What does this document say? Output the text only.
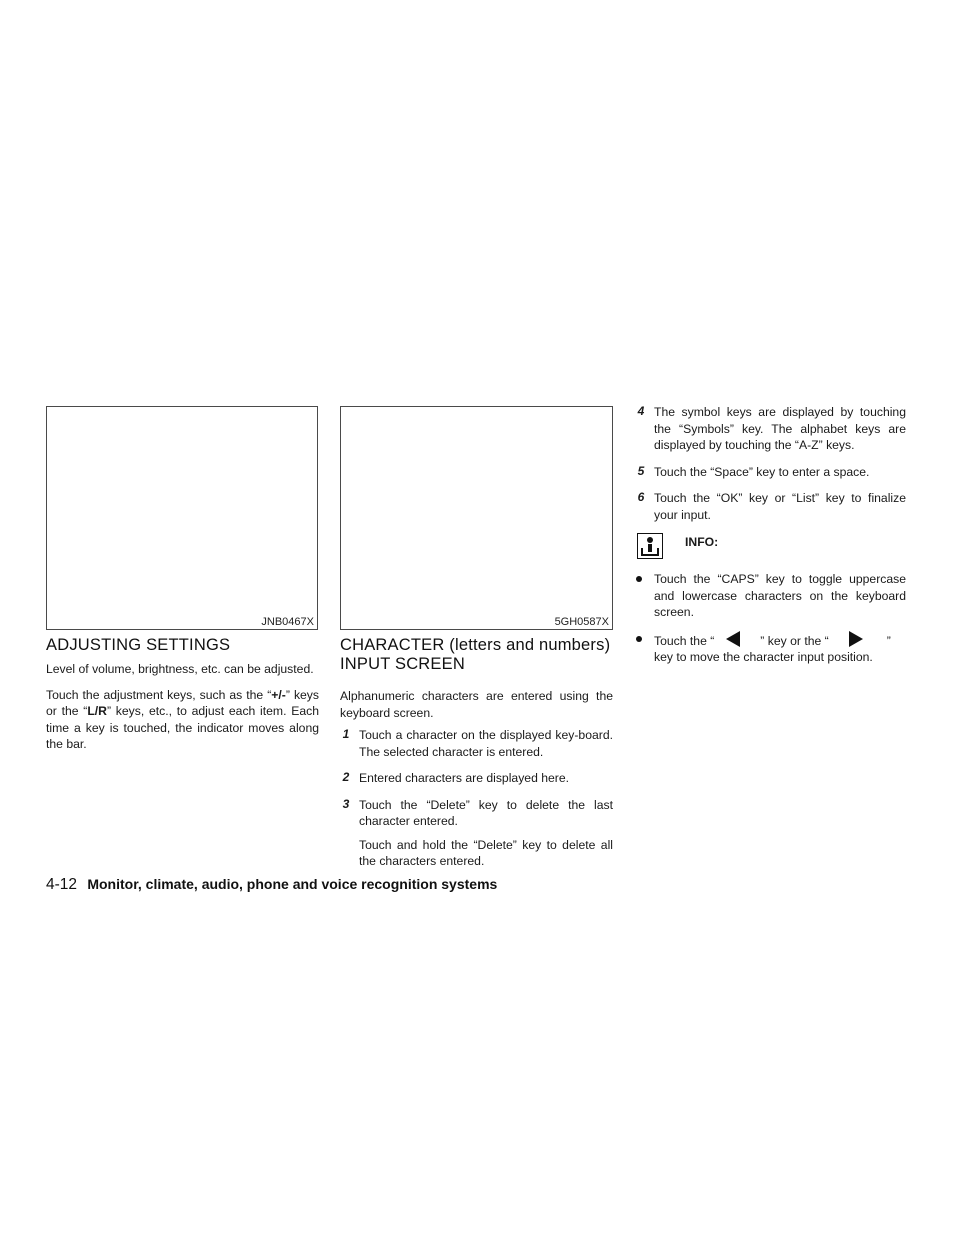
JNB0467X	5GH0587X
ADJUSTING SETTINGS

Level of volume, brightness, etc. can be adjusted.

Touch the adjustment keys, such as the “+/-” keys or the “L/R” keys, etc., to adjust each item. Each time a key is touched, the indicator moves along the bar.

CHARACTER (letters and numbers)
INPUT SCREEN

Alphanumeric characters are entered using the keyboard screen.

1 Touch a character on the displayed key-board. The selected character is entered.
2 Entered characters are displayed here.
3 Touch the “Delete” key to delete the last character entered.

Touch and hold the “Delete” key to delete all the characters entered.

4 The symbol keys are displayed by touching the “Symbols” key. The alphabet keys are displayed by touching the “A-Z” keys.
5 Touch the “Space” key to enter a space.
6 Touch the “OK” key or “List” key to finalize your input.
INFO:
Touch the “CAPS” key to toggle uppercase and lowercase characters on the keyboard screen.
Touch the “	” key or the “	” key to move the character input position.
4-12 Monitor, climate, audio, phone and voice recognition systems
